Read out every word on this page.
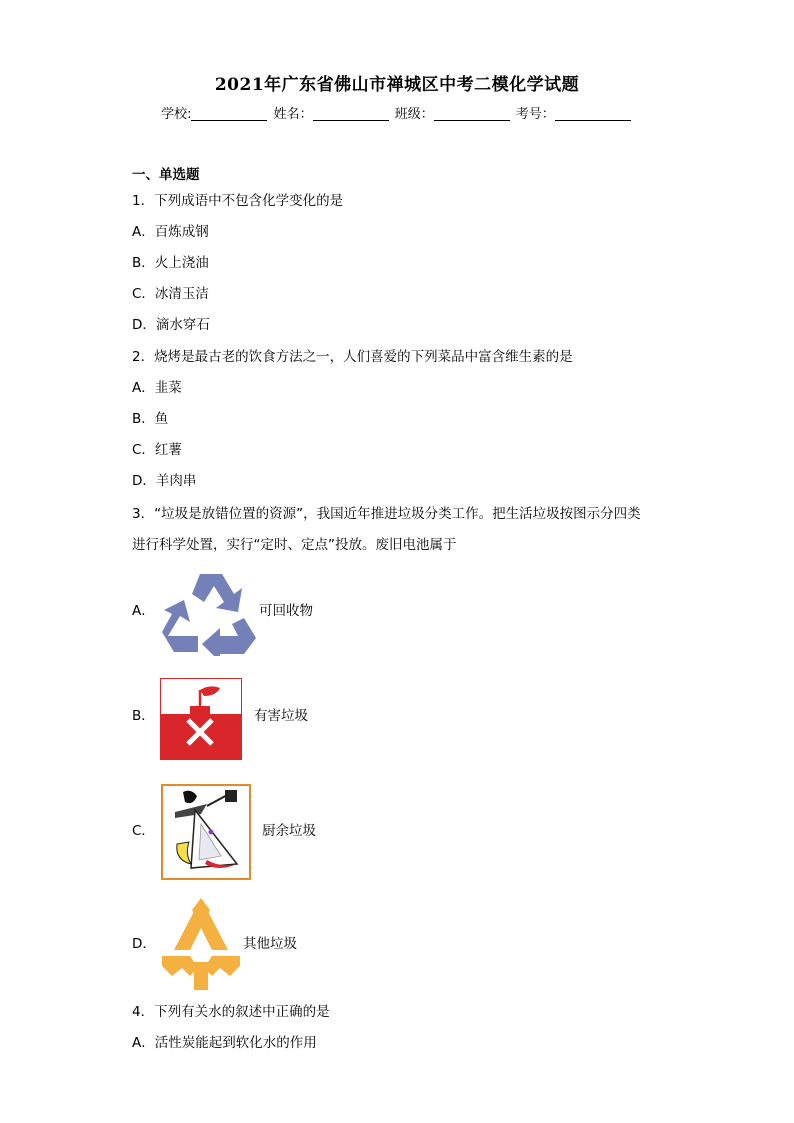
2021年广东省佛山市禅城区中考二模化学试题
学校:	姓名：	班级：	考号：
一、单选题
1．下列成语中不包含化学变化的是
A．百炼成钢
B．火上浇油
C．冰清玉洁
D．滴水穿石
2．烧烤是最古老的饮食方法之一，人们喜爱的下列菜品中富含维生素的是
A．韭菜
B．鱼
C．红薯
D．羊肉串
3．“垃圾是放错位置的资源”，我国近年推进垃圾分类工作。把生活垃圾按图示分四类
进行科学处置，实行“定时、定点”投放。废旧电池属于
A．	可回收物
B．	有害垃圾
C．	厨余垃圾
D．	其他垃圾
4．下列有关水的叙述中正确的是
A．活性炭能起到软化水的作用
